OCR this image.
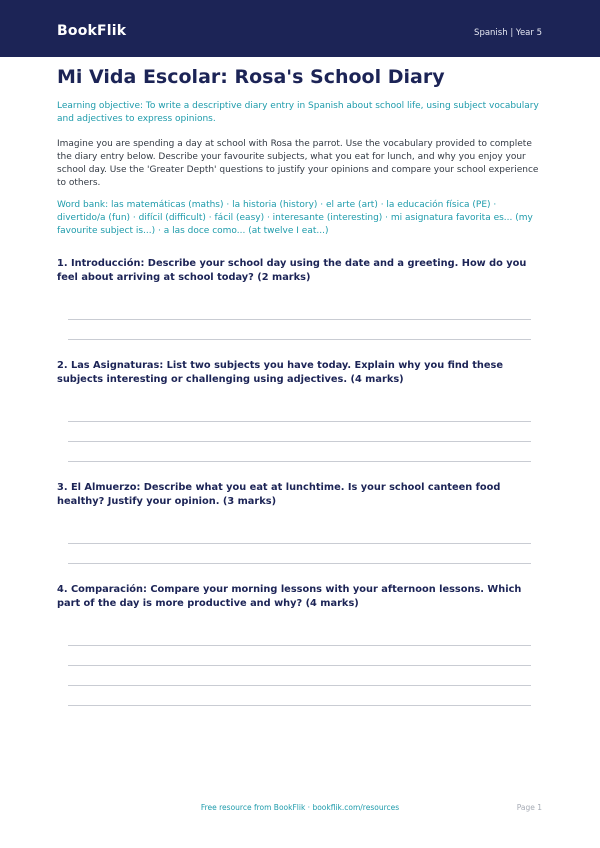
BookFlik	Spanish | Year 5
Mi Vida Escolar: Rosa's School Diary

Learning objective: To write a descriptive diary entry in Spanish about school life, using subject vocabulary and adjectives to express opinions.

Imagine you are spending a day at school with Rosa the parrot. Use the vocabulary provided to complete the diary entry below. Describe your favourite subjects, what you eat for lunch, and why you enjoy your school day. Use the 'Greater Depth' questions to justify your opinions and compare your school experience to others.

Word bank: las matemáticas (maths) · la historia (history) · el arte (art) · la educación física (PE) · divertido/a (fun) · difícil (difficult) · fácil (easy) · interesante (interesting) · mi asignatura favorita es... (my favourite subject is...) · a las doce como... (at twelve I eat...)

1. Introducción: Describe your school day using the date and a greeting. How do you feel about arriving at school today? (2 marks)

2. Las Asignaturas: List two subjects you have today. Explain why you find these subjects interesting or challenging using adjectives. (4 marks)

3. El Almuerzo: Describe what you eat at lunchtime. Is your school canteen food healthy? Justify your opinion. (3 marks)

4. Comparación: Compare your morning lessons with your afternoon lessons. Which part of the day is more productive and why? (4 marks)

Free resource from BookFlik · bookflik.com/resources	Page 1
